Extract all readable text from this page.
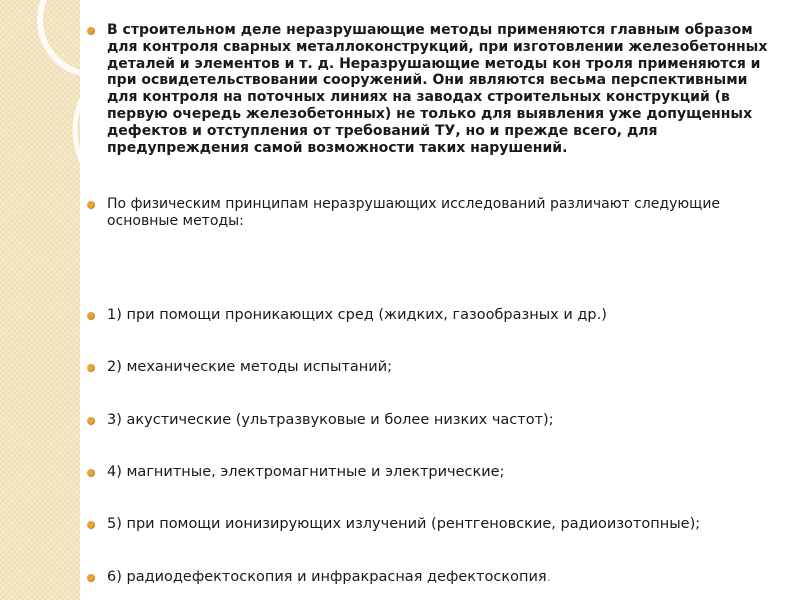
В строительном деле неразрушающие методы применяются главным образом для контроля сварных металлоконструкций, при изготовлении железобетонных деталей и элементов и т. д. Неразрушающие методы кон троля применяются и при освидетельствовании сооружений. Они являются весьма перспективными для контроля на поточных линиях на заводах строительных конструкций (в первую очередь железобетонных) не только для выявления уже допущенных дефектов и отступления от требований ТУ, но и прежде всего, для предупреждения самой возможности таких нарушений.
По физическим принципам неразрушающих исследований различают следующие основные методы:
1) при помощи проникающих сред (жидких, газообразных и др.)
2) механические методы испытаний;
3) акустические (ультразвуковые и более низких частот);
4) магнитные, электромагнитные и электрические;
5) при помощи ионизирующих излучений (рентгеновские, радиоизотопные);
6) радиодефектоскопия и инфракрасная дефектоскопия.
